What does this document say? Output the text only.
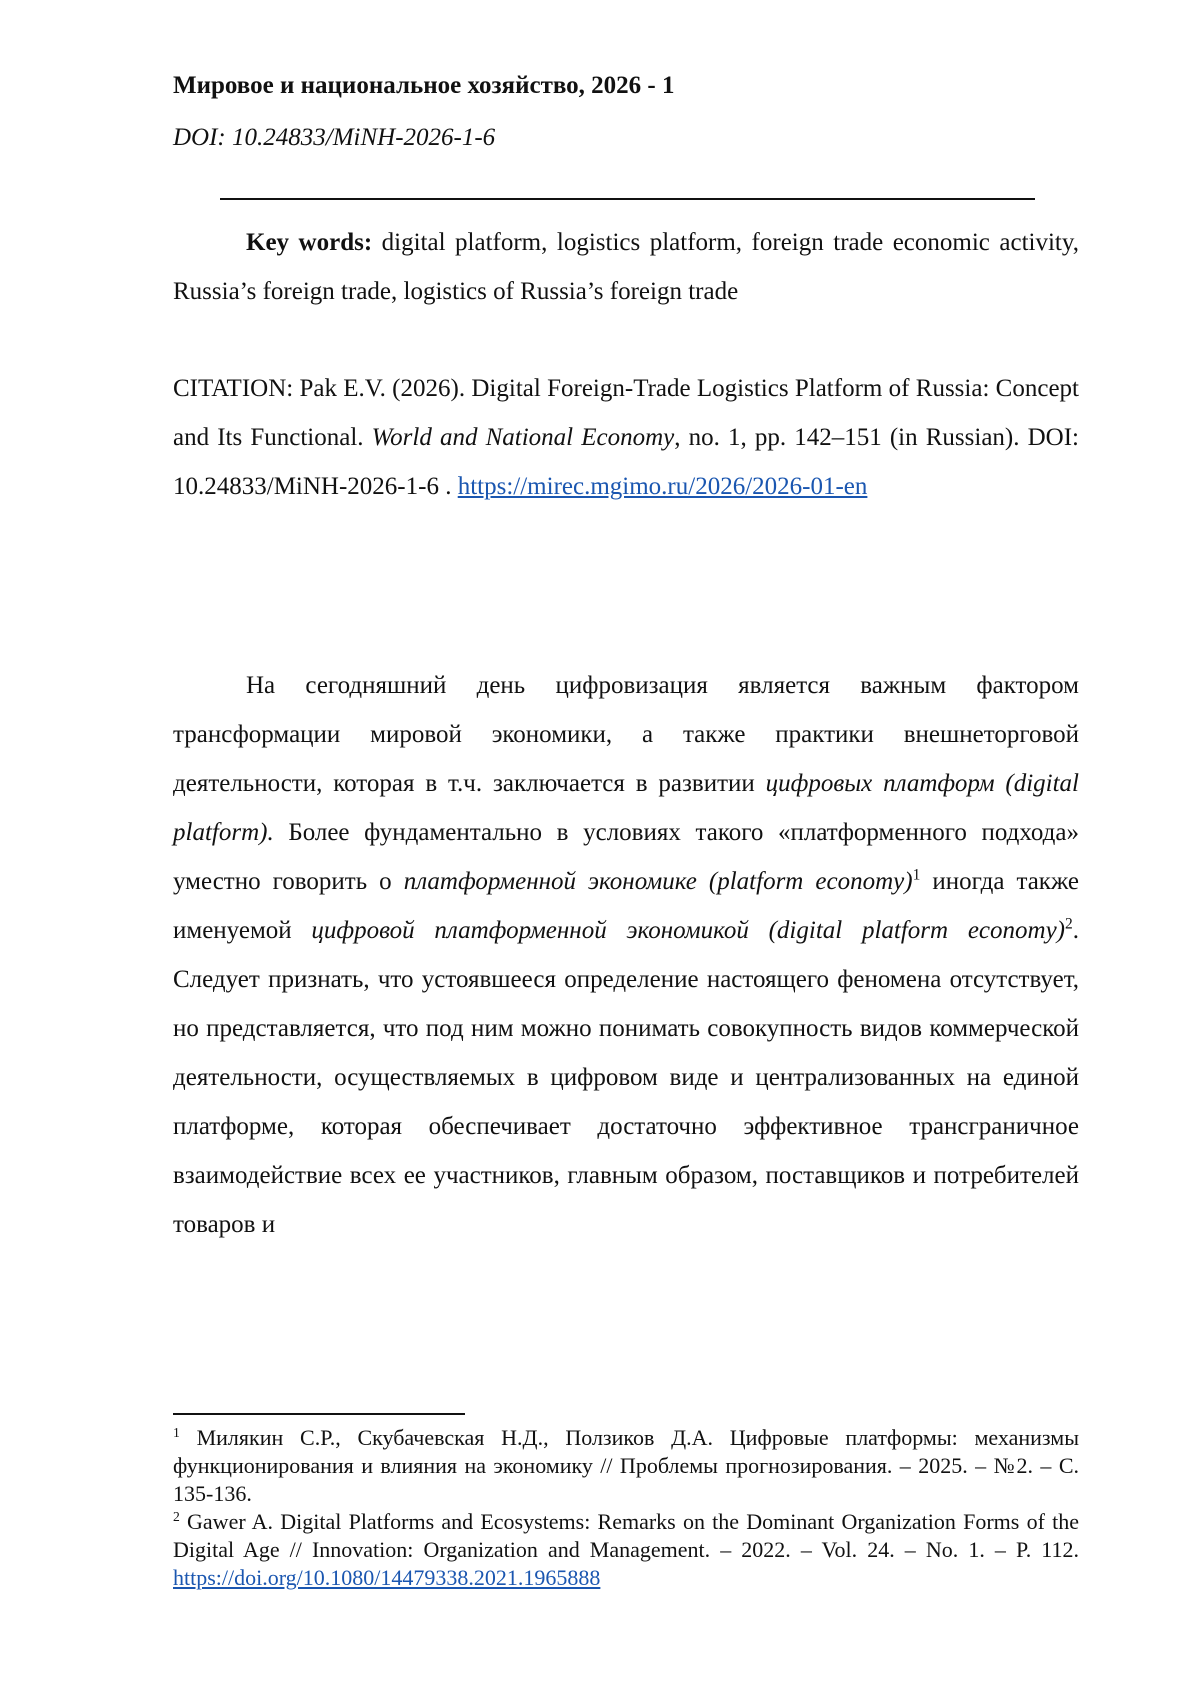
Мировое и национальное хозяйство, 2026 - 1
DOI: 10.24833/MiNH-2026-1-6
Key words: digital platform, logistics platform, foreign trade economic activity, Russia’s foreign trade, logistics of Russia’s foreign trade
CITATION: Pak E.V. (2026). Digital Foreign-Trade Logistics Platform of Russia: Concept and Its Functional. World and National Economy, no. 1, pp. 142–151 (in Russian). DOI: 10.24833/MiNH-2026-1-6 . https://mirec.mgimo.ru/2026/2026-01-en
На сегодняшний день цифровизация является важным фактором трансформации мировой экономики, а также практики внешнеторговой деятельности, которая в т.ч. заключается в развитии цифровых платформ (digital platform). Более фундаментально в условиях такого «платформенного подхода» уместно говорить о платформенной экономике (platform economy)$^1$ иногда также именуемой цифровой платформенной экономикой (digital platform economy)$^2$. Следует признать, что устоявшееся определение настоящего феномена отсутствует, но представляется, что под ним можно понимать совокупность видов коммерческой деятельности, осуществляемых в цифровом виде и централизованных на единой платформе, которая обеспечивает достаточно эффективное трансграничное взаимодействие всех ее участников, главным образом, поставщиков и потребителей товаров и

$^1$ Милякин С.Р., Скубачевская Н.Д., Ползиков Д.А. Цифровые платформы: механизмы функционирования и влияния на экономику // Проблемы прогнозирования. – 2025. – №2. – С. 135-136.

$^2$ Gawer A. Digital Platforms and Ecosystems: Remarks on the Dominant Organization Forms of the Digital Age // Innovation: Organization and Management. – 2022. – Vol. 24. – No. 1. – P. 112. https://doi.org/10.1080/14479338.2021.1965888
